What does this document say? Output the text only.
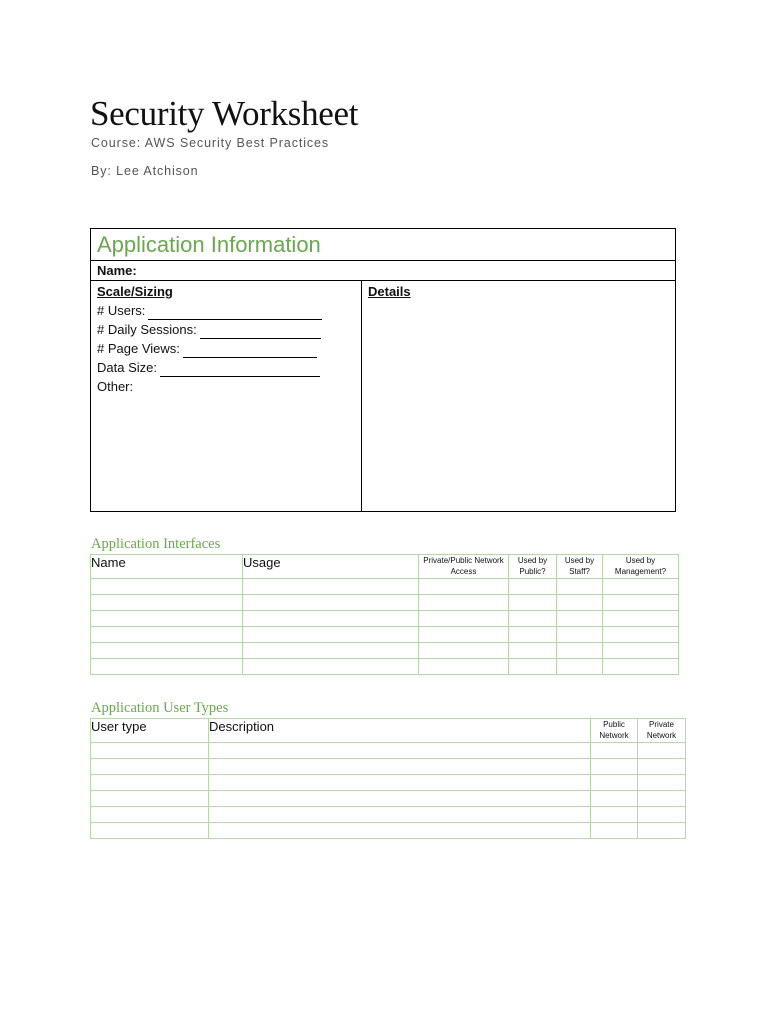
Security Worksheet
Course: AWS Security Best Practices
By: Lee Atchison
Application Information
Name:
Scale/Sizing
# Users:
# Daily Sessions:
# Page Views:
Data Size:
Other:
Details
Application Interfaces
Name	Usage	Private/Public Network Access	Used by Public?	Used by Staff?	Used by Management?

Application User Types
User type	Description	Public Network	Private Network
